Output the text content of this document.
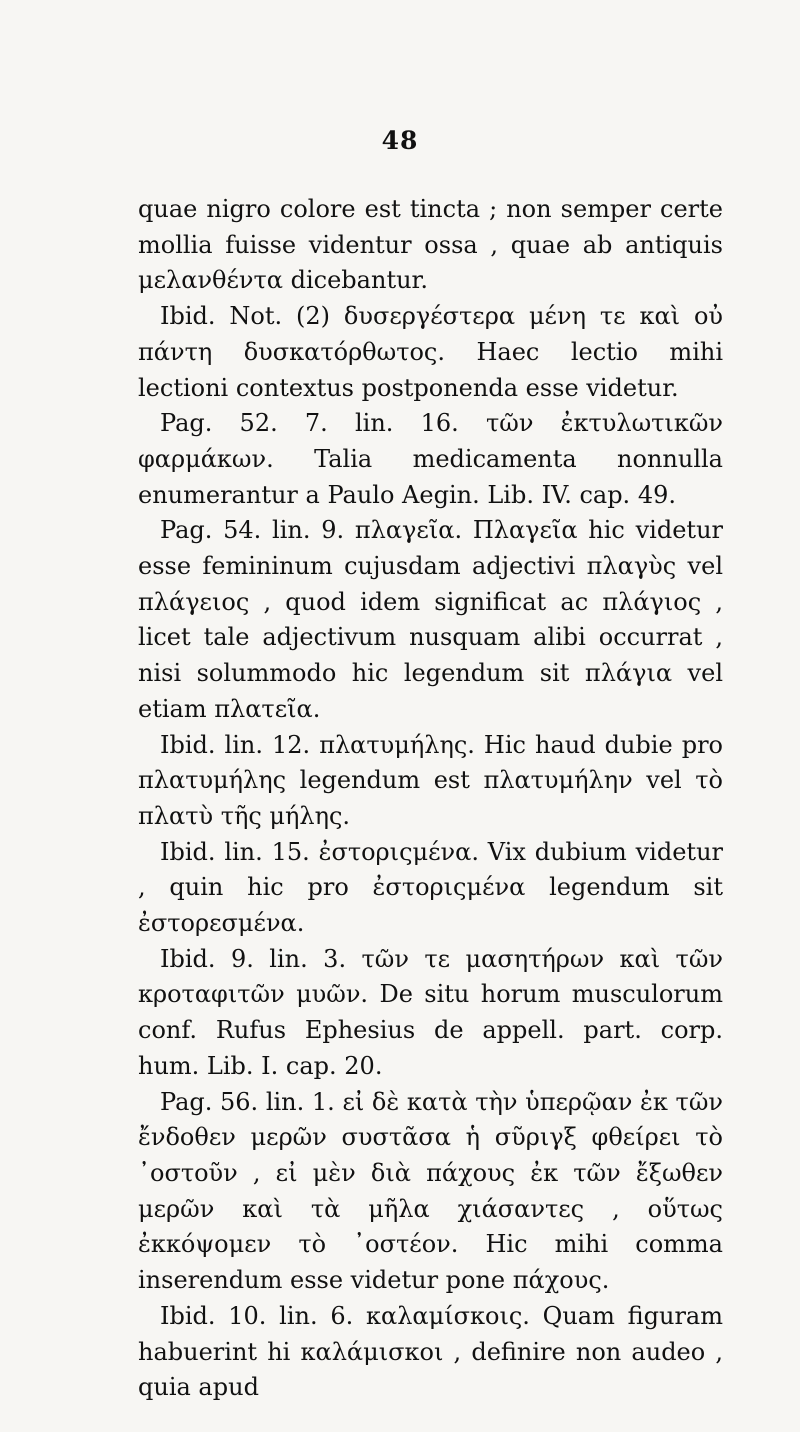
48

quae nigro colore est tincta ; non semper certe mollia fuisse videntur ossa , quae ab antiquis μελανθέντα dicebantur.

Ibid. Not. (2) δυσεργέστερα μένη τε καὶ οὐ πάντη δυσκατόρθωτος. Haec lectio mihi lectioni contextus postponenda esse videtur.

Pag. 52. 7. lin. 16. τῶν ἐκτυλωτικῶν φαρμάκων. Talia medicamenta nonnulla enumerantur a Paulo Aegin. Lib. IV. cap. 49.

Pag. 54. lin. 9. πλαγεῖα. Πλαγεῖα hic videtur esse femininum cujusdam adjectivi πλαγὺς vel πλάγειος , quod idem significat ac πλάγιος , licet tale adjectivum nusquam alibi occurrat , nisi solummodo hic legendum sit πλάγια vel etiam πλατεῖα.

Ibid. lin. 12. πλατυμήλης. Hic haud dubie pro πλατυμήλης legendum est πλατυμήλην vel τὸ πλατὺ τῆς μήλης.

Ibid. lin. 15. ἐστοριςμένα. Vix dubium videtur , quin hic pro ἐστοριςμένα legendum sit ἐστορεσμένα.

Ibid. 9. lin. 3. τῶν τε μασητήρων καὶ τῶν κροταφιτῶν μυῶν. De situ horum musculorum conf. Rufus Ephesius de appell. part. corp. hum. Lib. I. cap. 20.

Pag. 56. lin. 1. εἰ δὲ κατὰ τὴν ὑπερῷαν ἐκ τῶν ἔνδοθεν μερῶν συστᾶσα ἡ σῦριγξ φθείρει τὸ ᾽οστοῦν , εἰ μὲν διὰ πάχους ἐκ τῶν ἔξωθεν μερῶν καὶ τὰ μῆλα χιάσαντες , οὕτως ἐκκόψομεν τὸ ᾽οστέον. Hic mihi comma inserendum esse videtur pone πάχους.

Ibid. 10. lin. 6. καλαμίσκοις. Quam figuram habuerint hi καλάμισκοι , definire non audeo , quia apud
